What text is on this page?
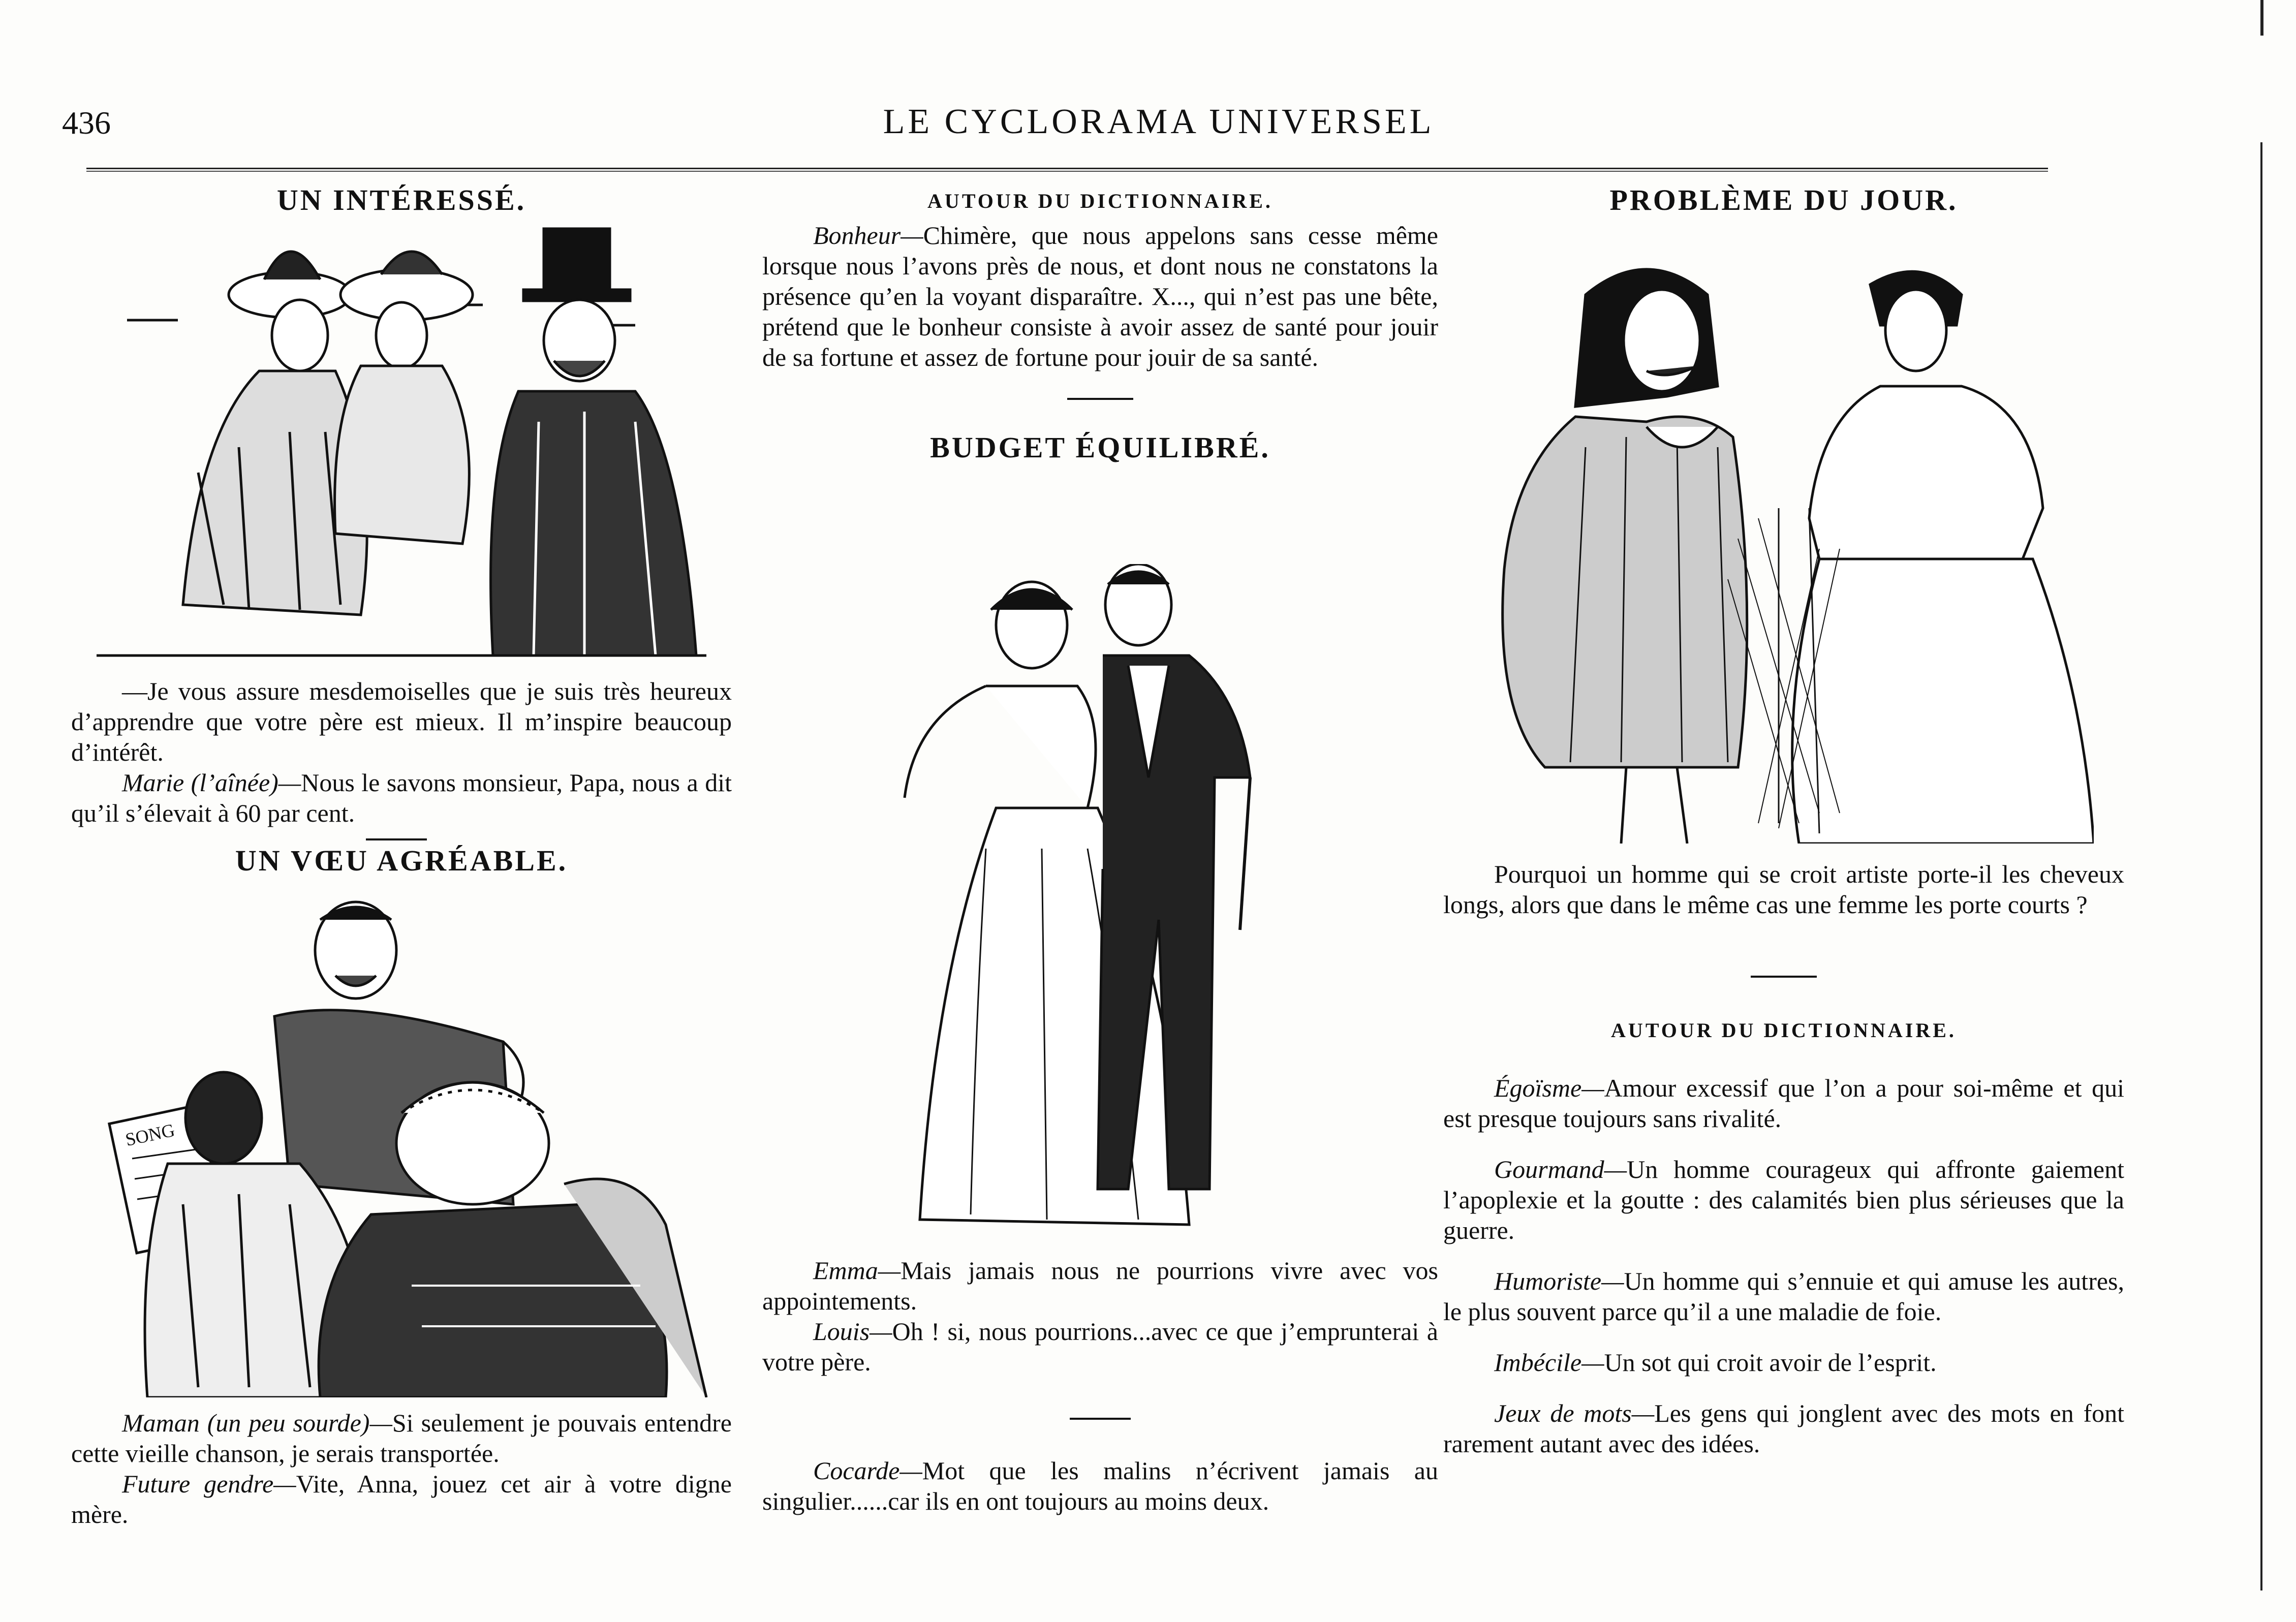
436	LE CYCLORAMA UNIVERSEL
UN INTÉRESSÉ.

—Je vous assure mesdemoiselles que je suis très heureux d’apprendre que votre père est mieux. Il m’inspire beaucoup d’intérêt.

Marie (l’aînée)—Nous le savons monsieur, Papa, nous a dit qu’il s’élevait à 60 par cent.

UN VŒU AGRÉABLE.
SONG

Maman (un peu sourde)—Si seulement je pouvais entendre cette vieille chanson, je serais transportée.

Future gendre—Vite, Anna, jouez cet air à votre digne mère.

AUTOUR DU DICTIONNAIRE.

Bonheur—Chimère, que nous appelons sans cesse même lorsque nous l’avons près de nous, et dont nous ne constatons la présence qu’en la voyant disparaître. X..., qui n’est pas une bête, prétend que le bonheur consiste à avoir assez de santé pour jouir de sa fortune et assez de fortune pour jouir de sa santé.

BUDGET ÉQUILIBRÉ.

Emma—Mais jamais nous ne pourrions vivre avec vos appointements.

Louis—Oh ! si, nous pourrions...avec ce que j’emprunterai à votre père.

Cocarde—Mot que les malins n’écrivent jamais au singulier......car ils en ont toujours au moins deux.

PROBLÈME DU JOUR.

Pourquoi un homme qui se croit artiste porte-il les cheveux longs, alors que dans le même cas une femme les porte courts ?

AUTOUR DU DICTIONNAIRE.

Égoïsme—Amour excessif que l’on a pour soi-même et qui est presque toujours sans rivalité.

Gourmand—Un homme courageux qui affronte gaiement l’apoplexie et la goutte : des calamités bien plus sérieuses que la guerre.

Humoriste—Un homme qui s’ennuie et qui amuse les autres, le plus souvent parce qu’il a une maladie de foie.

Imbécile—Un sot qui croit avoir de l’esprit.

Jeux de mots—Les gens qui jonglent avec des mots en font rarement autant avec des idées.
